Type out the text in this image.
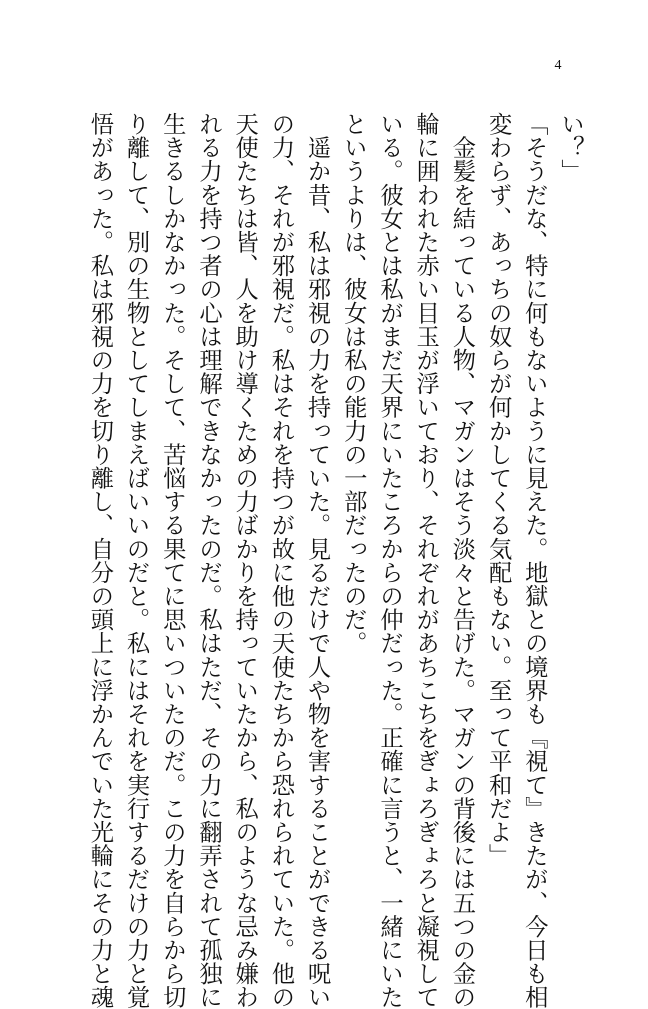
4
い？」
「そうだな、特に何もないように見えた。地獄との境界も『視て』きたが、今日も相
変わらず、あっちの奴らが何かしてくる気配もない。至って平和だよ」
　金髪を結っている人物、マガンはそう淡々と告げた。マガンの背後には五つの金の
輪に囲われた赤い目玉が浮いており、それぞれがあちこちをぎょろぎょろと凝視して
いる。彼女とは私がまだ天界にいたころからの仲だった。正確に言うと、一緒にいた
というよりは、彼女は私の能力の一部だったのだ。
　遥か昔、私は邪視の力を持っていた。見るだけで人や物を害することができる呪い
の力、それが邪視だ。私はそれを持つが故に他の天使たちから恐れられていた。他の
天使たちは皆、人を助け導くための力ばかりを持っていたから、私のような忌み嫌わ
れる力を持つ者の心は理解できなかったのだ。私はただ、その力に翻弄されて孤独に
生きるしかなかった。そして、苦悩する果てに思いついたのだ。この力を自らから切
り離して、別の生物としてしまえばいいのだと。私にはそれを実行するだけの力と覚
悟があった。私は邪視の力を切り離し、自分の頭上に浮かんでいた光輪にその力と魂
